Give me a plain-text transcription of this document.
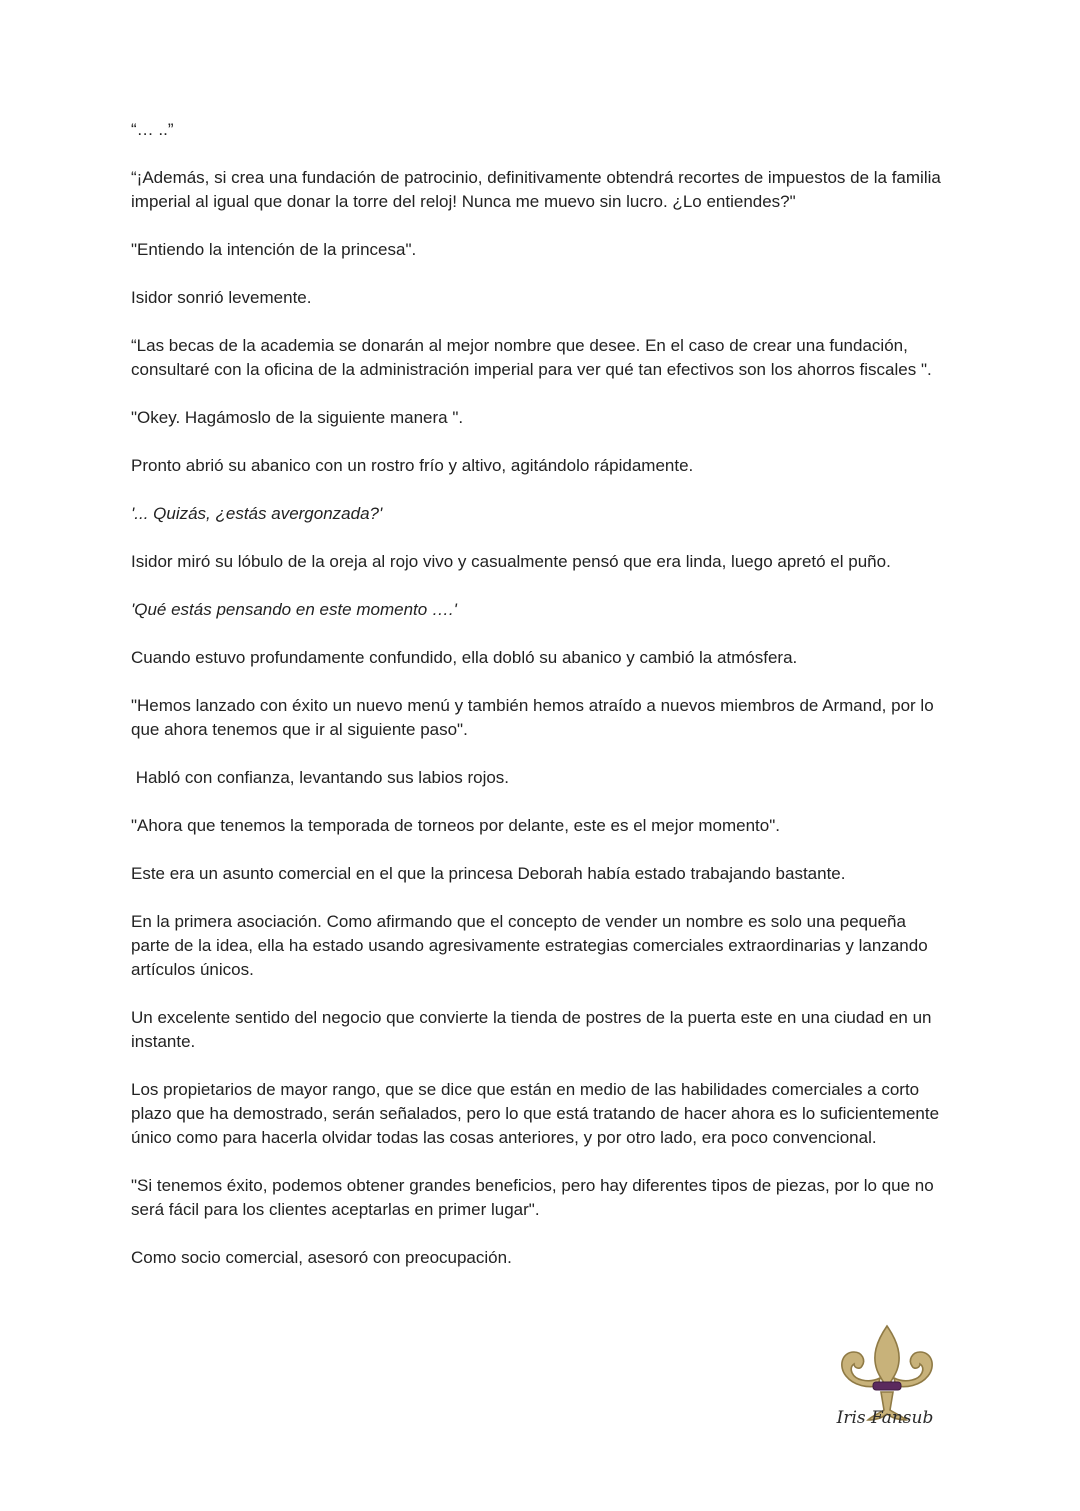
“… ..”

“¡Además, si crea una fundación de patrocinio, definitivamente obtendrá recortes de impuestos de la familia imperial al igual que donar la torre del reloj! Nunca me muevo sin lucro. ¿Lo entiendes?"

"Entiendo la intención de la princesa".

Isidor sonrió levemente.

“Las becas de la academia se donarán al mejor nombre que desee. En el caso de crear una fundación, consultaré con la oficina de la administración imperial para ver qué tan efectivos son los ahorros fiscales ".

"Okey. Hagámoslo de la siguiente manera ".

Pronto abrió su abanico con un rostro frío y altivo, agitándolo rápidamente.

'... Quizás, ¿estás avergonzada?'

Isidor miró su lóbulo de la oreja al rojo vivo y casualmente pensó que era linda, luego apretó el puño.

'Qué estás pensando en este momento ….'

Cuando estuvo profundamente confundido, ella dobló su abanico y cambió la atmósfera.

"Hemos lanzado con éxito un nuevo menú y también hemos atraído a nuevos miembros de Armand, por lo que ahora tenemos que ir al siguiente paso".

Habló con confianza, levantando sus labios rojos.

"Ahora que tenemos la temporada de torneos por delante, este es el mejor momento".

Este era un asunto comercial en el que la princesa Deborah había estado trabajando bastante.

En la primera asociación. Como afirmando que el concepto de vender un nombre es solo una pequeña parte de la idea, ella ha estado usando agresivamente estrategias comerciales extraordinarias y lanzando artículos únicos.

Un excelente sentido del negocio que convierte la tienda de postres de la puerta este en una ciudad en un instante.

Los propietarios de mayor rango, que se dice que están en medio de las habilidades comerciales a corto plazo que ha demostrado, serán señalados, pero lo que está tratando de hacer ahora es lo suficientemente único como para hacerla olvidar todas las cosas anteriores, y por otro lado, era poco convencional.

"Si tenemos éxito, podemos obtener grandes beneficios, pero hay diferentes tipos de piezas, por lo que no será fácil para los clientes aceptarlas en primer lugar".

Como socio comercial, asesoró con preocupación.

Iris Fansub
